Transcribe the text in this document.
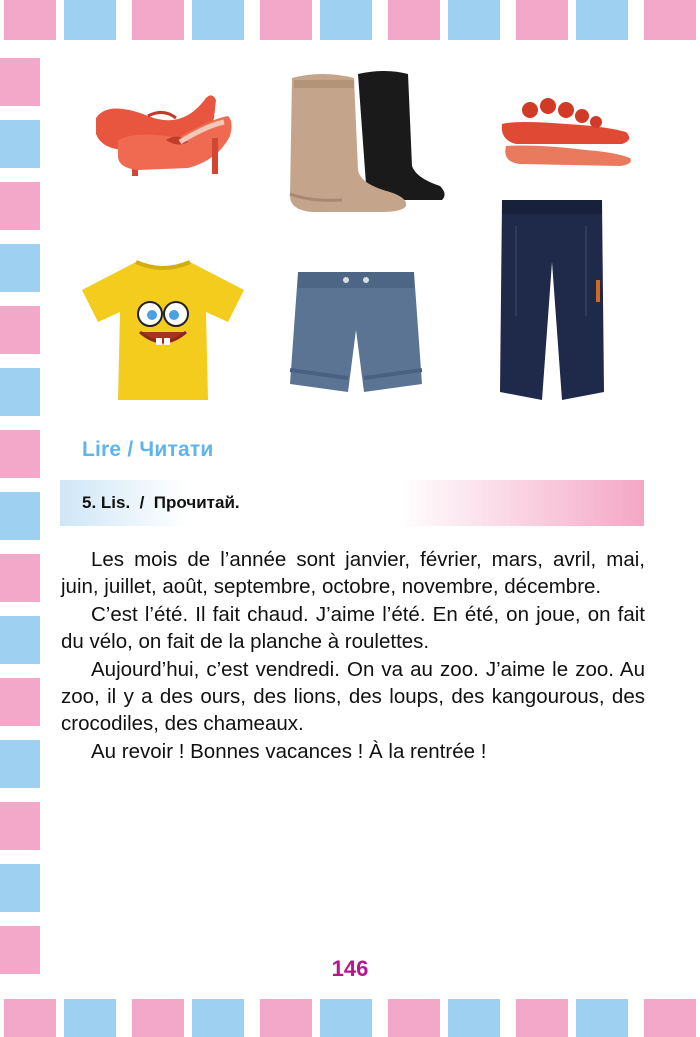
Lire / Читати
5. Lis.  /  Прочитай.

Les mois de l’année sont janvier, février, mars, avril, mai, juin, juillet, août, septembre, octobre, novembre, décembre.

C’est l’été. Il fait chaud. J’aime l’été. En été, on joue, on fait du vélo, on fait de la planche à roulettes.

Aujourd’hui, c’est vendredi. On va au zoo. J’aime le zoo. Au zoo, il y a des ours, des lions, des loups, des kangourous, des crocodiles, des chameaux.

Au revoir ! Bonnes vacances ! À la rentrée !

146
